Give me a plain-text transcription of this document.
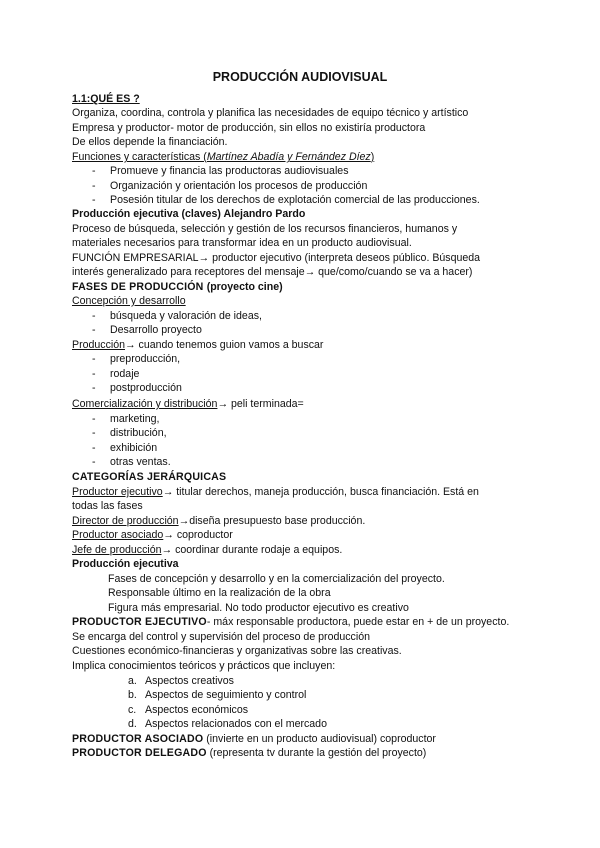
PRODUCCIÓN AUDIOVISUAL
1.1:QUÉ ES ?
Organiza, coordina, controla y planifica las necesidades de equipo técnico y artístico
Empresa y productor- motor de producción, sin ellos no existiría productora
De ellos depende la financiación.
Funciones y características (Martínez Abadía y Fernández Díez)
- Promueve y financia las productoras audiovisuales
- Organización y orientación los procesos de producción
- Posesión titular de los derechos de explotación comercial de las producciones.
Producción ejecutiva (claves) Alejandro Pardo
Proceso de búsqueda, selección y gestión de los recursos financieros, humanos y
materiales necesarios para transformar idea en un producto audiovisual.
FUNCIÓN EMPRESARIAL→ productor ejecutivo (interpreta deseos público. Búsqueda
interés generalizado para receptores del mensaje→ que/como/cuando se va a hacer)
FASES DE PRODUCCIÓN (proyecto cine)
Concepción y desarrollo
- búsqueda y valoración de ideas,
- Desarrollo proyecto
Producción→ cuando tenemos guion vamos a buscar
- preproducción,
- rodaje
- postproducción
Comercialización y distribución→ peli terminada=
- marketing,
- distribución,
- exhibición
- otras ventas.
CATEGORÍAS JERÁRQUICAS
Productor ejecutivo→ titular derechos, maneja producción, busca financiación. Está en
todas las fases
Director de producción→diseña presupuesto base producción.
Productor asociado→ coproductor
Jefe de producción→ coordinar durante rodaje a equipos.
Producción ejecutiva
Fases de concepción y desarrollo y en la comercialización del proyecto.
Responsable último en la realización de la obra
Figura más empresarial. No todo productor ejecutivo es creativo
PRODUCTOR EJECUTIVO- máx responsable productora, puede estar en + de un proyecto.
Se encarga del control y supervisión del proceso de producción
Cuestiones económico-financieras y organizativas sobre las creativas.
Implica conocimientos teóricos y prácticos que incluyen:
a. Aspectos creativos
b. Aspectos de seguimiento y control
c. Aspectos económicos
d. Aspectos relacionados con el mercado
PRODUCTOR ASOCIADO (invierte en un producto audiovisual) coproductor
PRODUCTOR DELEGADO (representa tv durante la gestión del proyecto)
